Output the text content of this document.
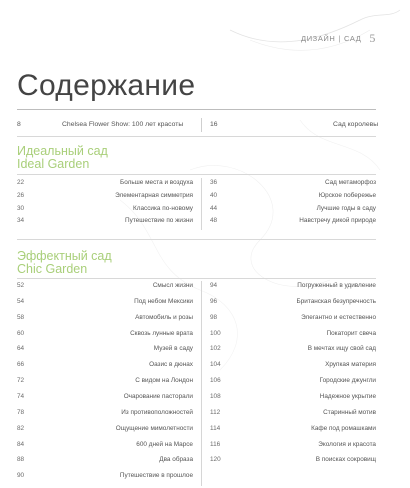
ДИЗАЙН | САД 5
Содержание
8	Chelsea Flower Show: 100 лет красоты	16	Сад королевы
Идеальный сад
Ideal Garden
22	Больше места и воздуха
26	Элементарная симметрия
30	Классика по-новому
34	Путешествие по жизни
36	Сад метаморфоз
40	Юрское побережье
44	Лучшие годы в саду
48	Навстречу дикой природе
Эффектный сад
Chic Garden
52	Смысл жизни
54	Под небом Мексики
58	Автомобиль и розы
60	Сквозь лунные врата
64	Музей в саду
66	Оазис в дюнах
72	С видом на Лондон
74	Очарование пасторали
78	Из противоположностей
82	Ощущение мимолетности
84	600 дней на Марсе
88	Два образа
90	Путешествие в прошлое
94	Погруженный в удивление
96	Британская безупречность
98	Элегантно и естественно
100	Покаторит свеча
102	В мечтах ищу свой сад
104	Хрупкая материя
106	Городские джунгли
108	Надежное укрытие
112	Старинный мотив
114	Кафе под ромашками
116	Экология и красота
120	В поисках сокровищ
